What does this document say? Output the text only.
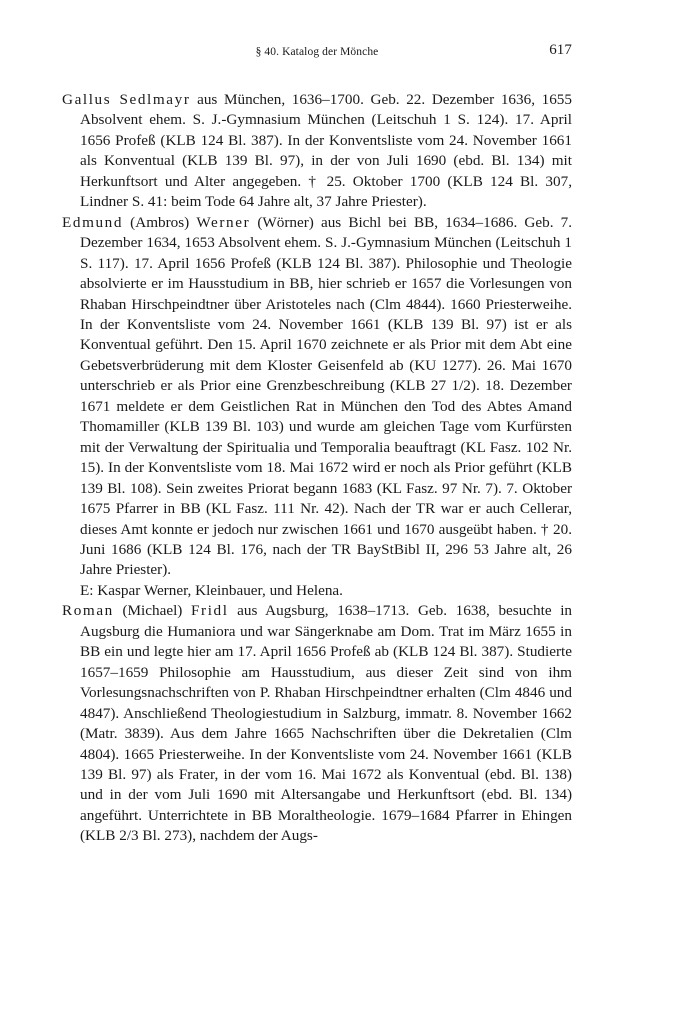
§ 40. Katalog der Mönche	617

Gallus Sedlmayr aus München, 1636–1700. Geb. 22. Dezember 1636, 1655 Absolvent ehem. S. J.-Gymnasium München (Leitschuh 1 S. 124). 17. April 1656 Profeß (KLB 124 Bl. 387). In der Konventsliste vom 24. November 1661 als Konventual (KLB 139 Bl. 97), in der von Juli 1690 (ebd. Bl. 134) mit Herkunftsort und Alter angegeben. † 25. Oktober 1700 (KLB 124 Bl. 307, Lindner S. 41: beim Tode 64 Jahre alt, 37 Jahre Priester).

Edmund (Ambros) Werner (Wörner) aus Bichl bei BB, 1634–1686. Geb. 7. Dezember 1634, 1653 Absolvent ehem. S. J.-Gymnasium München (Leitschuh 1 S. 117). 17. April 1656 Profeß (KLB 124 Bl. 387). Philosophie und Theologie absolvierte er im Hausstudium in BB, hier schrieb er 1657 die Vorlesungen von Rhaban Hirschpeindtner über Aristoteles nach (Clm 4844). 1660 Priesterweihe. In der Konventsliste vom 24. November 1661 (KLB 139 Bl. 97) ist er als Konventual geführt. Den 15. April 1670 zeichnete er als Prior mit dem Abt eine Gebetsverbrüderung mit dem Kloster Geisenfeld ab (KU 1277). 26. Mai 1670 unterschrieb er als Prior eine Grenzbeschreibung (KLB 27 1/2). 18. Dezember 1671 meldete er dem Geistlichen Rat in München den Tod des Abtes Amand Thomamiller (KLB 139 Bl. 103) und wurde am gleichen Tage vom Kurfürsten mit der Verwaltung der Spiritualia und Temporalia beauftragt (KL Fasz. 102 Nr. 15). In der Konventsliste vom 18. Mai 1672 wird er noch als Prior geführt (KLB 139 Bl. 108). Sein zweites Priorat begann 1683 (KL Fasz. 97 Nr. 7). 7. Oktober 1675 Pfarrer in BB (KL Fasz. 111 Nr. 42). Nach der TR war er auch Cellerar, dieses Amt konnte er jedoch nur zwischen 1661 und 1670 ausgeübt haben. † 20. Juni 1686 (KLB 124 Bl. 176, nach der TR BayStBibl II, 296 53 Jahre alt, 26 Jahre Priester).

E: Kaspar Werner, Kleinbauer, und Helena.

Roman (Michael) Fridl aus Augsburg, 1638–1713. Geb. 1638, besuchte in Augsburg die Humaniora und war Sängerknabe am Dom. Trat im März 1655 in BB ein und legte hier am 17. April 1656 Profeß ab (KLB 124 Bl. 387). Studierte 1657–1659 Philosophie am Hausstudium, aus dieser Zeit sind von ihm Vorlesungsnachschriften von P. Rhaban Hirschpeindtner erhalten (Clm 4846 und 4847). Anschließend Theologiestudium in Salzburg, immatr. 8. November 1662 (Matr. 3839). Aus dem Jahre 1665 Nachschriften über die Dekretalien (Clm 4804). 1665 Priesterweihe. In der Konventsliste vom 24. November 1661 (KLB 139 Bl. 97) als Frater, in der vom 16. Mai 1672 als Konventual (ebd. Bl. 138) und in der vom Juli 1690 mit Altersangabe und Herkunftsort (ebd. Bl. 134) angeführt. Unterrichtete in BB Moraltheologie. 1679–1684 Pfarrer in Ehingen (KLB 2/3 Bl. 273), nachdem der Augs-
